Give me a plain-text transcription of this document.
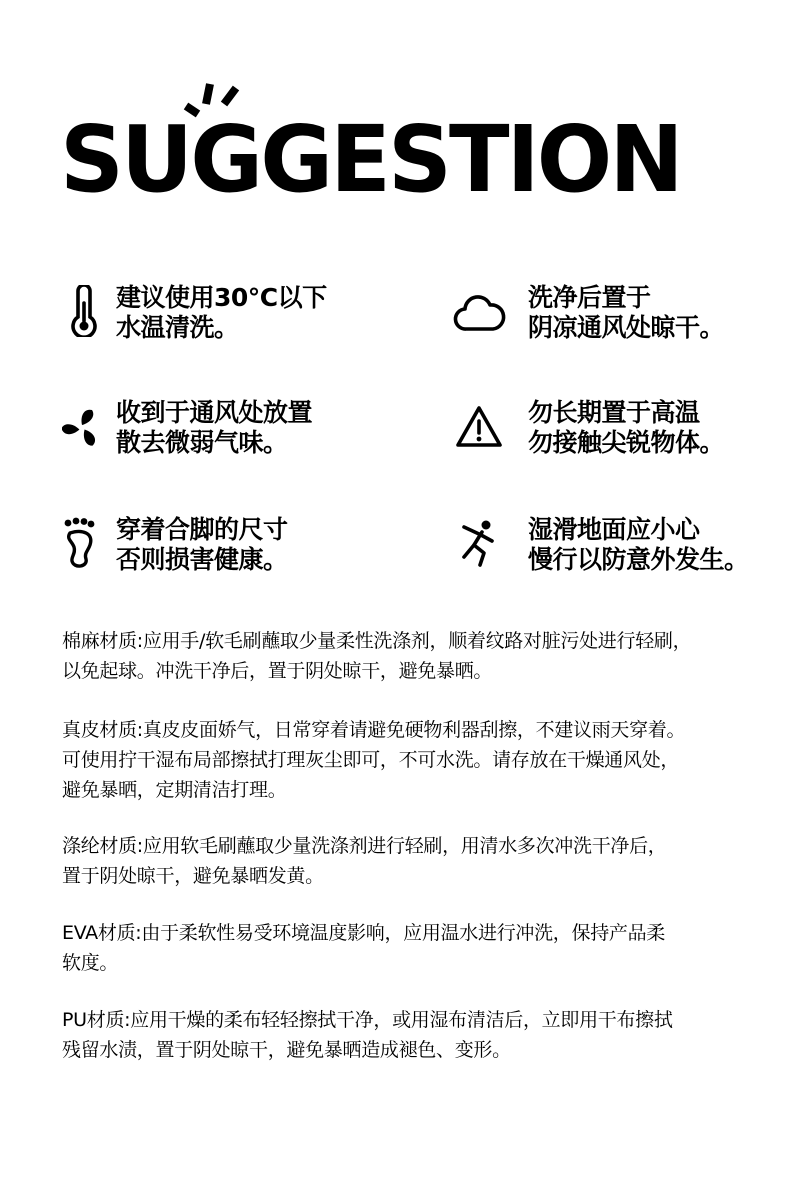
SUGGESTION
建议使用30°C以下
水温清洗。
洗净后置于
阴凉通风处晾干。
收到于通风处放置
散去微弱气味。
勿长期置于高温
勿接触尖锐物体。
穿着合脚的尺寸
否则损害健康。
湿滑地面应小心
慢行以防意外发生。
棉麻材质:应用手/软毛刷蘸取少量柔性洗涤剂，顺着纹路对脏污处进行轻刷，
以免起球。冲洗干净后，置于阴处晾干，避免暴晒。
真皮材质:真皮皮面娇气，日常穿着请避免硬物利器刮擦，不建议雨天穿着。
可使用拧干湿布局部擦拭打理灰尘即可，不可水洗。请存放在干燥通风处，
避免暴晒，定期清洁打理。
涤纶材质:应用软毛刷蘸取少量洗涤剂进行轻刷，用清水多次冲洗干净后，
置于阴处晾干，避免暴晒发黄。
EVA材质:由于柔软性易受环境温度影响，应用温水进行冲洗，保持产品柔
软度。
PU材质:应用干燥的柔布轻轻擦拭干净，或用湿布清洁后，立即用干布擦拭
残留水渍，置于阴处晾干，避免暴晒造成褪色、变形。
